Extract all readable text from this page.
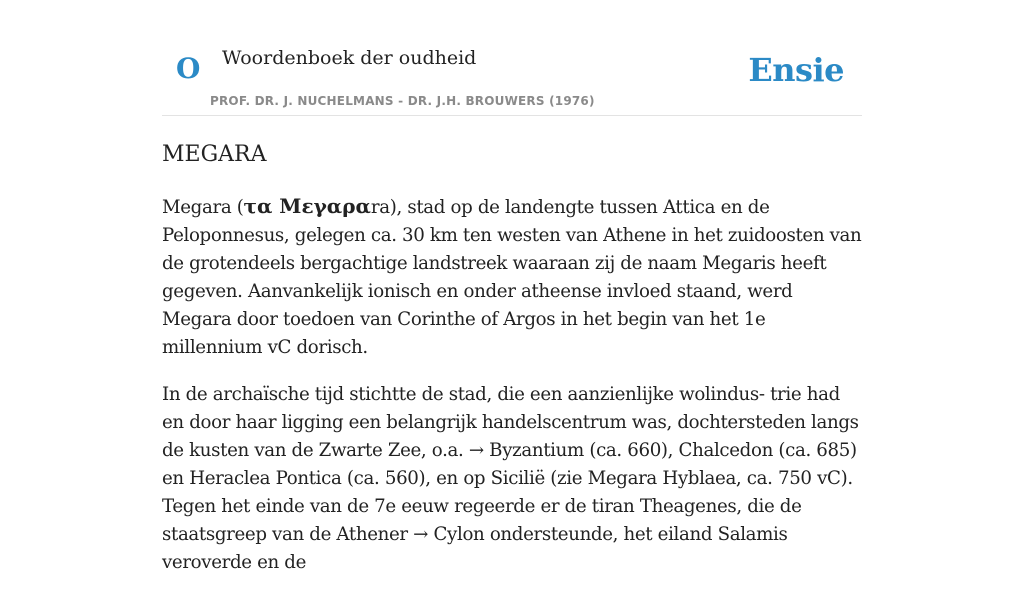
O Woordenboek der oudheid
PROF. DR. J. NUCHELMANS - DR. J.H. BROUWERS (1976)
Ensie
MEGARA

Megara (τα Μεγαραra), stad op de landengte tussen Attica en de Peloponnesus, gelegen ca. 30 km ten westen van Athene in het zuidoosten van de grotendeels bergachtige landstreek waaraan zij de naam Megaris heeft gegeven. Aanvankelijk ionisch en onder atheense invloed staand, werd Megara door toedoen van Corinthe of Argos in het begin van het 1e millennium vC dorisch.

In de archaïsche tijd stichtte de stad, die een aanzienlijke wolindus- trie had en door haar ligging een belangrijk handelscentrum was, dochtersteden langs de kusten van de Zwarte Zee, o.a. → Byzantium (ca. 660), Chalcedon (ca. 685) en Heraclea Pontica (ca. 560), en op Sicilië (zie Megara Hyblaea, ca. 750 vC). Tegen het einde van de 7e eeuw regeerde er de tiran Theagenes, die de staatsgreep van de Athener → Cylon ondersteunde, het eiland Salamis veroverde en de
